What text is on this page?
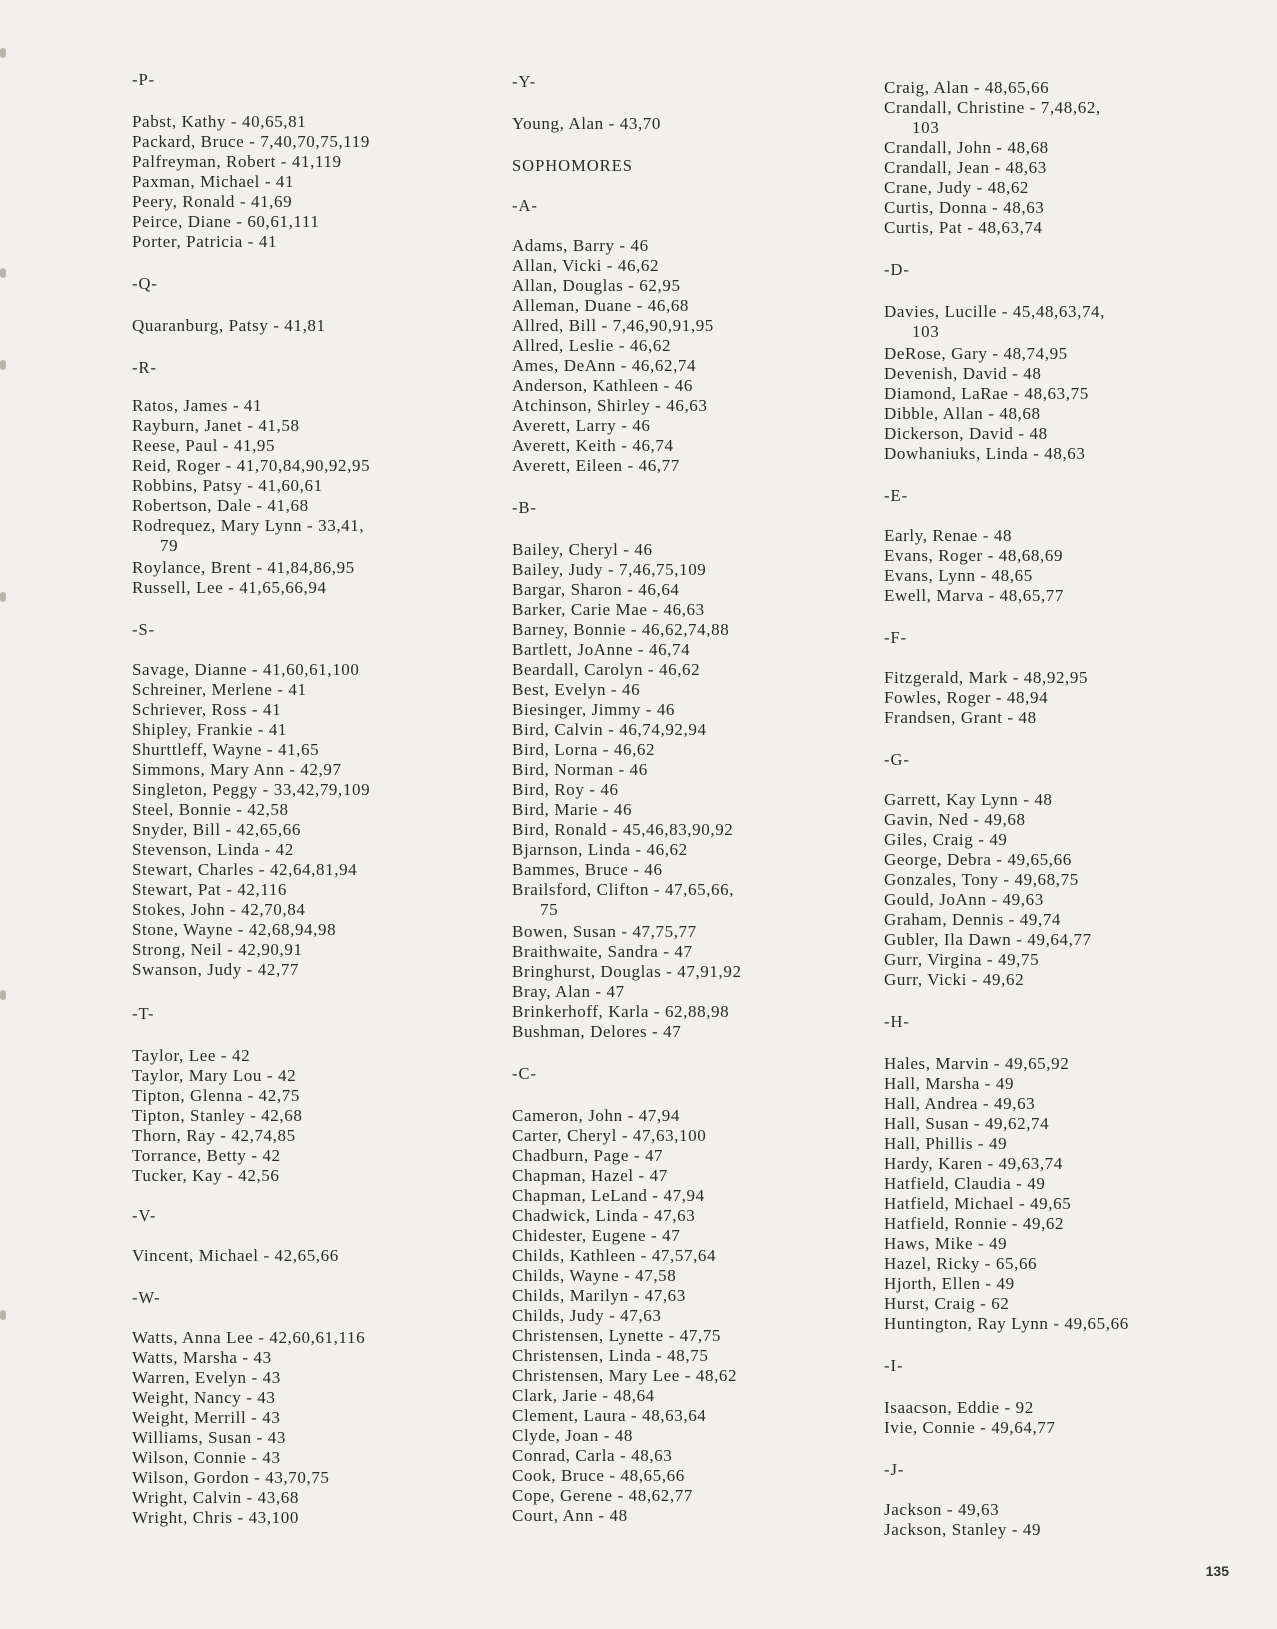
-P-
Pabst, Kathy - 40,65,81
Packard, Bruce - 7,40,70,75,119
Palfreyman, Robert - 41,119
Paxman, Michael - 41
Peery, Ronald - 41,69
Peirce, Diane - 60,61,111
Porter, Patricia - 41
-Q-
Quaranburg, Patsy - 41,81
-R-
Ratos, James - 41
Rayburn, Janet - 41,58
Reese, Paul - 41,95
Reid, Roger - 41,70,84,90,92,95
Robbins, Patsy - 41,60,61
Robertson, Dale - 41,68
Rodrequez, Mary Lynn - 33,41,
79
Roylance, Brent - 41,84,86,95
Russell, Lee - 41,65,66,94
-S-
Savage, Dianne - 41,60,61,100
Schreiner, Merlene - 41
Schriever, Ross - 41
Shipley, Frankie - 41
Shurttleff, Wayne - 41,65
Simmons, Mary Ann - 42,97
Singleton, Peggy - 33,42,79,109
Steel, Bonnie - 42,58
Snyder, Bill - 42,65,66
Stevenson, Linda - 42
Stewart, Charles - 42,64,81,94
Stewart, Pat - 42,116
Stokes, John - 42,70,84
Stone, Wayne - 42,68,94,98
Strong, Neil - 42,90,91
Swanson, Judy - 42,77
-T-
Taylor, Lee - 42
Taylor, Mary Lou - 42
Tipton, Glenna - 42,75
Tipton, Stanley - 42,68
Thorn, Ray - 42,74,85
Torrance, Betty - 42
Tucker, Kay - 42,56
-V-
Vincent, Michael - 42,65,66
-W-
Watts, Anna Lee - 42,60,61,116
Watts, Marsha - 43
Warren, Evelyn - 43
Weight, Nancy - 43
Weight, Merrill - 43
Williams, Susan - 43
Wilson, Connie - 43
Wilson, Gordon - 43,70,75
Wright, Calvin - 43,68
Wright, Chris - 43,100
-Y-
Young, Alan - 43,70
SOPHOMORES
-A-
Adams, Barry - 46
Allan, Vicki - 46,62
Allan, Douglas - 62,95
Alleman, Duane - 46,68
Allred, Bill - 7,46,90,91,95
Allred, Leslie - 46,62
Ames, DeAnn - 46,62,74
Anderson, Kathleen - 46
Atchinson, Shirley - 46,63
Averett, Larry - 46
Averett, Keith - 46,74
Averett, Eileen - 46,77
-B-
Bailey, Cheryl - 46
Bailey, Judy - 7,46,75,109
Bargar, Sharon - 46,64
Barker, Carie Mae - 46,63
Barney, Bonnie - 46,62,74,88
Bartlett, JoAnne - 46,74
Beardall, Carolyn - 46,62
Best, Evelyn - 46
Biesinger, Jimmy - 46
Bird, Calvin - 46,74,92,94
Bird, Lorna - 46,62
Bird, Norman - 46
Bird, Roy - 46
Bird, Marie - 46
Bird, Ronald - 45,46,83,90,92
Bjarnson, Linda - 46,62
Bammes, Bruce - 46
Brailsford, Clifton - 47,65,66,
75
Bowen, Susan - 47,75,77
Braithwaite, Sandra - 47
Bringhurst, Douglas - 47,91,92
Bray, Alan - 47
Brinkerhoff, Karla - 62,88,98
Bushman, Delores - 47
-C-
Cameron, John - 47,94
Carter, Cheryl - 47,63,100
Chadburn, Page - 47
Chapman, Hazel - 47
Chapman, LeLand - 47,94
Chadwick, Linda - 47,63
Chidester, Eugene - 47
Childs, Kathleen - 47,57,64
Childs, Wayne - 47,58
Childs, Marilyn - 47,63
Childs, Judy - 47,63
Christensen, Lynette - 47,75
Christensen, Linda - 48,75
Christensen, Mary Lee - 48,62
Clark, Jarie - 48,64
Clement, Laura - 48,63,64
Clyde, Joan - 48
Conrad, Carla - 48,63
Cook, Bruce - 48,65,66
Cope, Gerene - 48,62,77
Court, Ann - 48
Craig, Alan - 48,65,66
Crandall, Christine - 7,48,62,
103
Crandall, John - 48,68
Crandall, Jean - 48,63
Crane, Judy - 48,62
Curtis, Donna - 48,63
Curtis, Pat - 48,63,74
-D-
Davies, Lucille - 45,48,63,74,
103
DeRose, Gary - 48,74,95
Devenish, David - 48
Diamond, LaRae - 48,63,75
Dibble, Allan - 48,68
Dickerson, David - 48
Dowhaniuks, Linda - 48,63
-E-
Early, Renae - 48
Evans, Roger - 48,68,69
Evans, Lynn - 48,65
Ewell, Marva - 48,65,77
-F-
Fitzgerald, Mark - 48,92,95
Fowles, Roger - 48,94
Frandsen, Grant - 48
-G-
Garrett, Kay Lynn - 48
Gavin, Ned - 49,68
Giles, Craig - 49
George, Debra - 49,65,66
Gonzales, Tony - 49,68,75
Gould, JoAnn - 49,63
Graham, Dennis - 49,74
Gubler, Ila Dawn - 49,64,77
Gurr, Virgina - 49,75
Gurr, Vicki - 49,62
-H-
Hales, Marvin - 49,65,92
Hall, Marsha - 49
Hall, Andrea - 49,63
Hall, Susan - 49,62,74
Hall, Phillis - 49
Hardy, Karen - 49,63,74
Hatfield, Claudia - 49
Hatfield, Michael - 49,65
Hatfield, Ronnie - 49,62
Haws, Mike - 49
Hazel, Ricky - 65,66
Hjorth, Ellen - 49
Hurst, Craig - 62
Huntington, Ray Lynn - 49,65,66
-I-
Isaacson, Eddie - 92
Ivie, Connie - 49,64,77
-J-
Jackson - 49,63
Jackson, Stanley - 49
135
